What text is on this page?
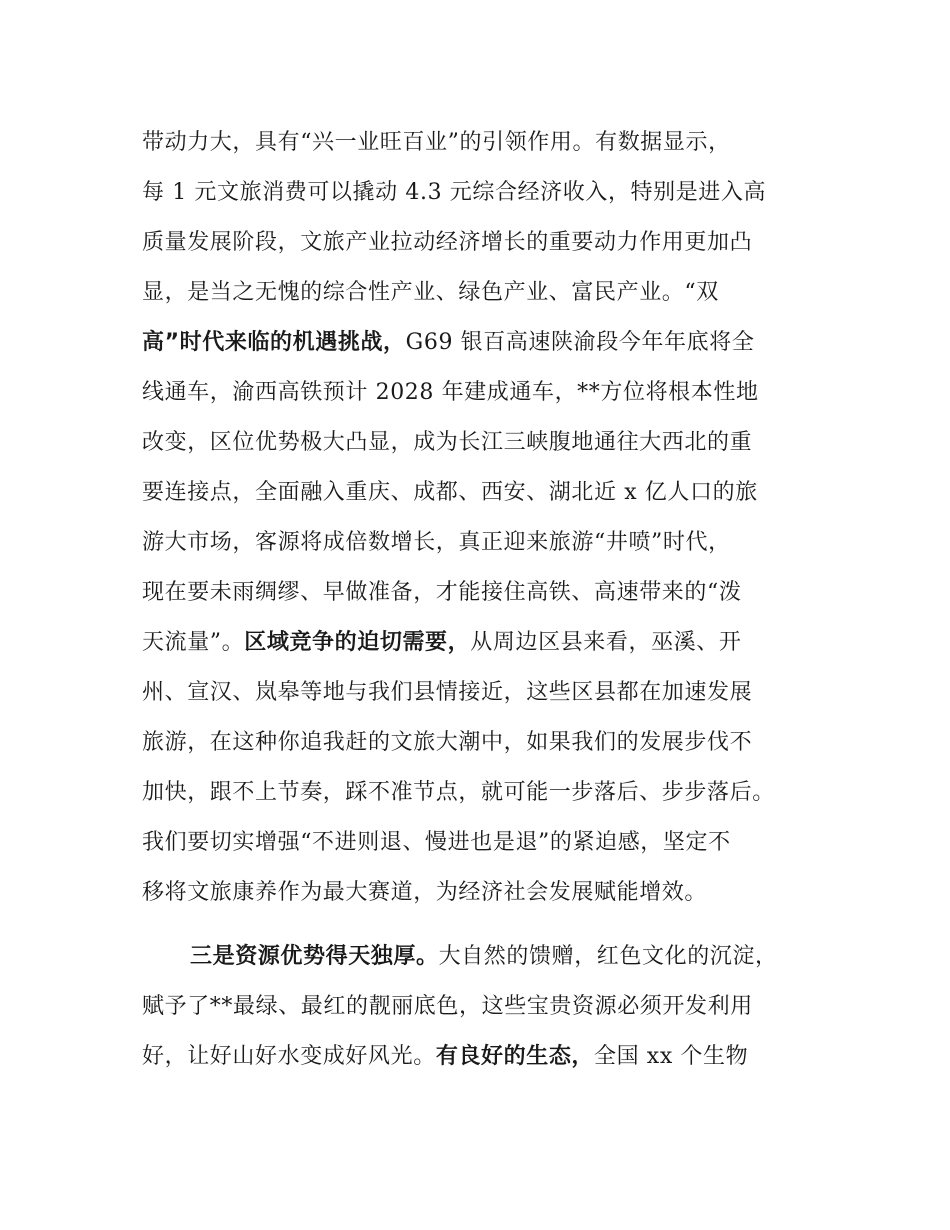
带动力大，具有“兴一业旺百业”的引领作用。有数据显示，
每 1 元文旅消费可以撬动 4.3 元综合经济收入，特别是进入高
质量发展阶段，文旅产业拉动经济增长的重要动力作用更加凸
显，是当之无愧的综合性产业、绿色产业、富民产业。“双
高”时代来临的机遇挑战，G69 银百高速陕渝段今年年底将全
线通车，渝西高铁预计 2028 年建成通车，**方位将根本性地
改变，区位优势极大凸显，成为长江三峡腹地通往大西北的重
要连接点，全面融入重庆、成都、西安、湖北近 x 亿人口的旅
游大市场，客源将成倍数增长，真正迎来旅游“井喷”时代，
现在要未雨绸缪、早做准备，才能接住高铁、高速带来的“泼
天流量”。区域竞争的迫切需要，从周边区县来看，巫溪、开
州、宣汉、岚皋等地与我们县情接近，这些区县都在加速发展
旅游，在这种你追我赶的文旅大潮中，如果我们的发展步伐不
加快，跟不上节奏，踩不准节点，就可能一步落后、步步落后。
我们要切实增强“不进则退、慢进也是退”的紧迫感，坚定不
移将文旅康养作为最大赛道，为经济社会发展赋能增效。
三是资源优势得天独厚。大自然的馈赠，红色文化的沉淀，
赋予了**最绿、最红的靓丽底色，这些宝贵资源必须开发利用
好，让好山好水变成好风光。有良好的生态，全国 xx 个生物
